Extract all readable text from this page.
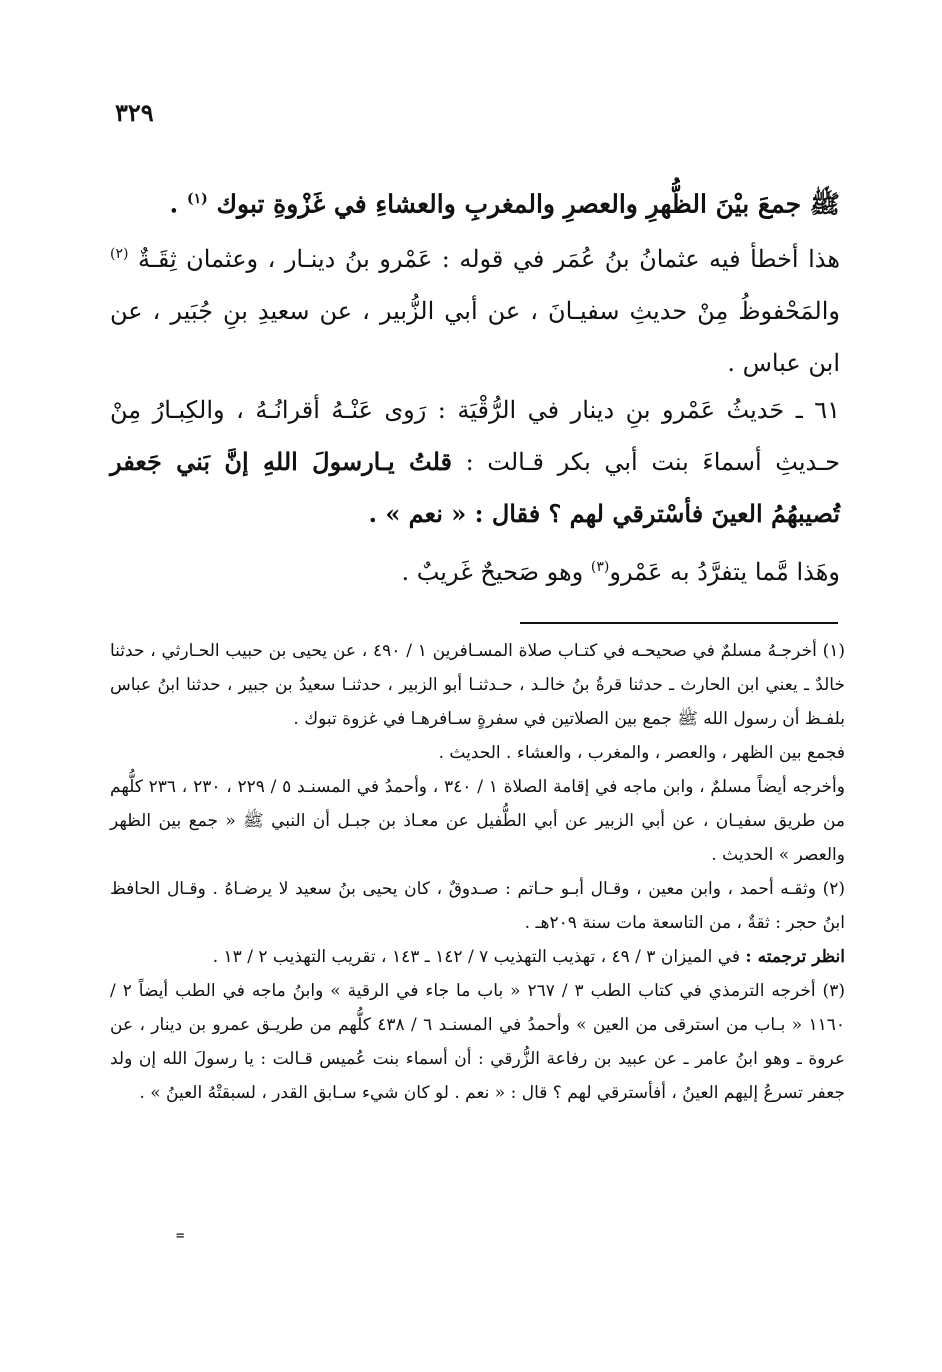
٣٢٩

ﷺ جمعَ بيْنَ الظُّهرِ والعصرِ والمغربِ والعشاءِ في غَزْوةِ تبوك $^{(١)}$ .

هذا أخطأ فيه عثمانُ بنُ عُمَر في قوله : عَمْرو بنُ دينـار ، وعثمان ثِقَـةٌ $^{(٢)}$ والمَحْفوظُ مِنْ حديثِ سفيـانَ ، عن أبي الزُّبير ، عن سعيدِ بنِ جُبَير ، عن ابن عباس .

٦١ ـ حَديثُ عَمْرو بنِ دينار في الرُّقْيَة : رَوى عَنْـهُ أقرانُـهُ ، والكِبـارُ مِنْ حـديثِ أسماءَ بنت أبي بكر قـالت : قلتُ يـارسولَ اللهِ إنَّ بَني جَعفر تُصيبهُمُ العينَ فأسْترقي لهم ؟ فقال : « نعم » .

وهَذا مَّما يتفرَّدُ به عَمْرو$^{(٣)}$ وهو صَحيحٌ غَريبٌ .

(١) أخرجـهُ مسلمٌ في صحيحـه في كتـاب صلاة المسـافرين ١ / ٤٩٠ ، عن يحيى بن حبيب الحـارثي ، حدثنا خالدٌ ـ يعني ابن الحارث ـ حدثنا قرةُ بنُ خالـد ، حـدثنـا أبو الزبير ، حدثنـا سعيدُ بن جبير ، حدثنا ابنُ عباس بلفـظ أن رسول الله ﷺ جمع بين الصلاتين في سفرةٍ سـافرهـا في غزوة تبوك .

فجمع بين الظهر ، والعصر ، والمغرب ، والعشاء . الحديث .

وأخرجه أيضاً مسلمٌ ، وابن ماجه في إقامة الصلاة ١ / ٣٤٠ ، وأحمدُ في المسنـد ٥ / ٢٢٩ ، ٢٣٠ ، ٢٣٦ كلُّهم من طريق سفيـان ، عن أبي الزبير عن أبي الطُّفيل عن معـاذ بن جبـل أن النبي ﷺ « جمع بين الظهر والعصر » الحديث .

(٢) وثقـه أحمد ، وابن معين ، وقـال أبـو حـاتم : صـدوقٌ ، كان يحيى بنُ سعيد لا يرضـاهُ . وقـال الحافظ ابنُ حجر : ثقةٌ ، من التاسعة مات سنة ٢٠٩هـ .

انظر ترجمته : في الميزان ٣ / ٤٩ ، تهذيب التهذيب ٧ / ١٤٢ ـ ١٤٣ ، تقريب التهذيب ٢ / ١٣ .

(٣) أخرجه الترمذي في كتاب الطب ٣ / ٢٦٧ « باب ما جاء في الرقية » وابنُ ماجه في الطب أيضاً ٢ / ١١٦٠ « بـاب من استرقى من العين » وأحمدُ في المسنـد ٦ / ٤٣٨ كلُّهم من طريـق عمرو بن دينار ، عن عروة ـ وهو ابنُ عامر ـ عن عبيد بن رفاعة الزُّرقي : أن أسماء بنت عُميس قـالت : يا رسولَ الله إن ولد جعفر تسرعُ إليهم العينُ ، أفأسترقي لهم ؟ قال : « نعم . لو كان شيء سـابق القدر ، لسبقتْهُ العينُ » .

=
